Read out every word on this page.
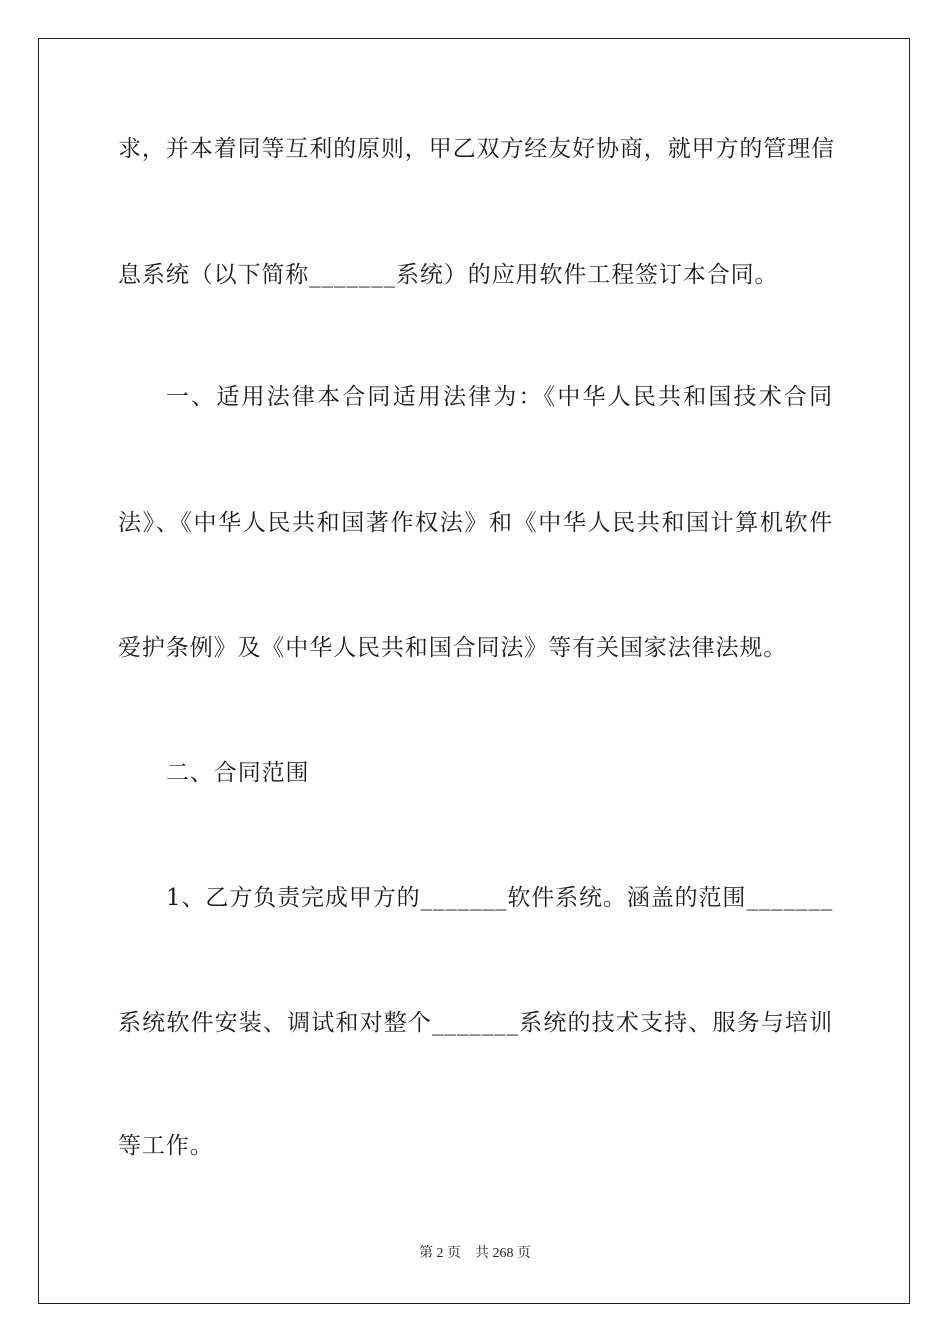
求，并本着同等互利的原则，甲乙双方经友好协商，就甲方的管理信
息系统（以下简称_______系统）的应用软件工程签订本合同。
一、适用法律本合同适用法律为：《中华人民共和国技术合同
法》、《中华人民共和国著作权法》和《中华人民共和国计算机软件
爱护条例》及《中华人民共和国合同法》等有关国家法律法规。
二、合同范围
1、乙方负责完成甲方的_______软件系统。涵盖的范围_______
系统软件安装、调试和对整个_______系统的技术支持、服务与培训
等工作。
第 2 页    共 268 页
